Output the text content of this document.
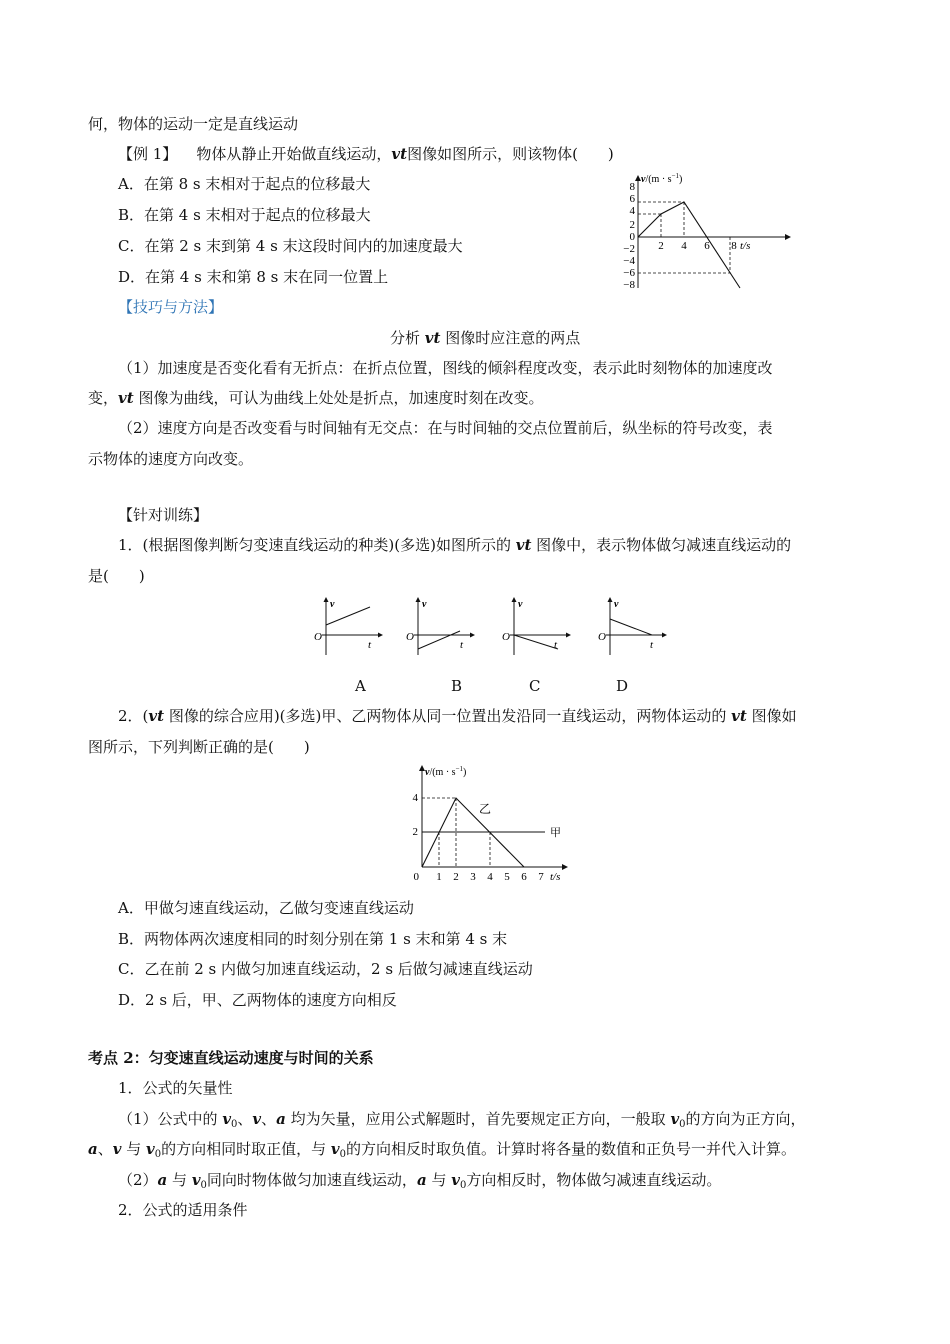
何，物体的运动一定是直线运动
【例 1】 物体从静止开始做直线运动，vt图像如图所示，则该物体(　　)
A．在第 8 s 末相对于起点的位移最大
B．在第 4 s 末相对于起点的位移最大
C．在第 2 s 末到第 4 s 末这段时间内的加速度最大
D．在第 4 s 末和第 8 s 末在同一位置上
$v/(m \cdot s^{-1})$
8
6
4
2
0
−2
−4
−6
−8
2 4 6 8 t/s
【技巧与方法】
分析 vt 图像时应注意的两点
（1）加速度是否变化看有无折点：在折点位置，图线的倾斜程度改变，表示此时刻物体的加速度改
变，vt 图像为曲线，可认为曲线上处处是折点，加速度时刻在改变。
（2）速度方向是否改变看与时间轴有无交点：在与时间轴的交点位置前后，纵坐标的符号改变，表
示物体的速度方向改变。
【针对训练】
1．(根据图像判断匀变速直线运动的种类)(多选)如图所示的 vt 图像中，表示物体做匀减速直线运动的
是(　　)
v
O
t
v
O
t
v
O
t
v
O
t
A	B	C	D
2．(vt 图像的综合应用)(多选)甲、乙两物体从同一位置出发沿同一直线运动，两物体运动的 vt 图像如
图所示，下列判断正确的是(　　)
$v/(m \cdot s^{-1})$
4
2
0 1 2 3 4 5 6 7 t/s
乙
甲
A．甲做匀速直线运动，乙做匀变速直线运动
B．两物体两次速度相同的时刻分别在第 1 s 末和第 4 s 末
C．乙在前 2 s 内做匀加速直线运动，2 s 后做匀减速直线运动
D．2 s 后，甲、乙两物体的速度方向相反
考点 2：匀变速直线运动速度与时间的关系
1．公式的矢量性
（1）公式中的 $v_0$、v、a 均为矢量，应用公式解题时，首先要规定正方向，一般取 $v_0$的方向为正方向，
a、v 与 $v_0$的方向相同时取正值，与 $v_0$的方向相反时取负值。计算时将各量的数值和正负号一并代入计算。
（2）a 与 $v_0$同向时物体做匀加速直线运动，a 与 $v_0$方向相反时，物体做匀减速直线运动。
2．公式的适用条件
